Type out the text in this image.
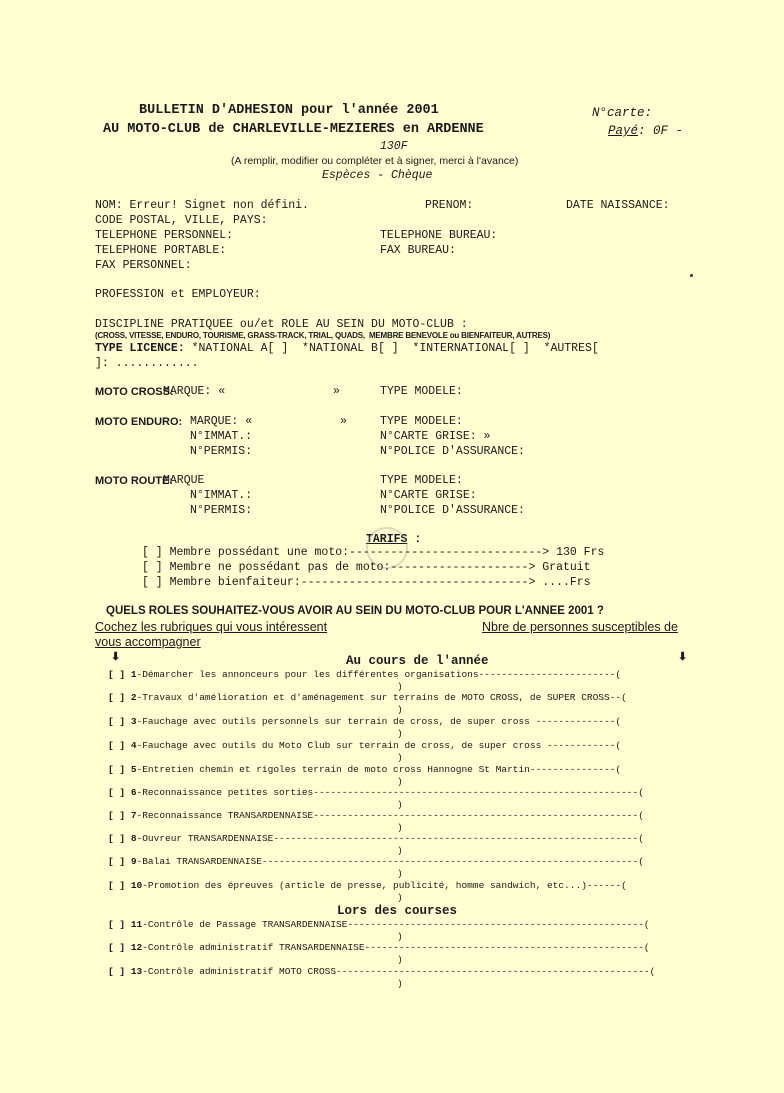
BULLETIN D'ADHESION pour l'année 2001
AU MOTO-CLUB de CHARLEVILLE-MEZIERES en ARDENNE
N°carte:
Payé: 0F -
130F
(A remplir, modifier ou compléter et à signer, merci à l'avance)
Espèces - Chèque
NOM: Erreur! Signet non défini.	PRENOM:	DATE NAISSANCE:
CODE POSTAL, VILLE, PAYS:
TELEPHONE PERSONNEL:	TELEPHONE BUREAU:
TELEPHONE PORTABLE:	FAX BUREAU:
FAX PERSONNEL:
PROFESSION et EMPLOYEUR:
DISCIPLINE PRATIQUEE ou/et ROLE AU SEIN DU MOTO-CLUB :
(CROSS, VITESSE, ENDURO, TOURISME, GRASS-TRACK, TRIAL, QUADS,  MEMBRE BENEVOLE ou BIENFAITEUR, AUTRES)
TYPE LICENCE: *NATIONAL A[ ]  *NATIONAL B[ ]  *INTERNATIONAL[ ]  *AUTRES[
]: ............
MOTO CROSS:
MARQUE: «	»	TYPE MODELE:
MOTO ENDURO: MARQUE: «	»	TYPE MODELE:
N°IMMAT.:	N°CARTE GRISE: »
N°PERMIS:	N°POLICE D'ASSURANCE:
MOTO ROUTE:
MARQUE	TYPE MODELE:
N°IMMAT.:	N°CARTE GRISE:
N°PERMIS:	N°POLICE D'ASSURANCE:
TARIFS :
[ ] Membre possédant une moto:----------------------------> 130 Frs
[ ] Membre ne possédant pas de moto:--------------------> Gratuit
[ ] Membre bienfaiteur:---------------------------------> ....Frs
QUELS ROLES SOUHAITEZ-VOUS AVOIR AU SEIN DU MOTO-CLUB POUR L'ANNEE 2001 ?
Cochez les rubriques qui vous intéressent	Nbre de personnes susceptibles de
vous accompagner
⬇	⬇
Au cours de l'année
[ ] 1-Démarcher les annonceurs pour les différentes organisations------------------------(
)
[ ] 2-Travaux d'amélioration et d'aménagement sur terrains de MOTO CROSS, de SUPER CROSS--(
)
[ ] 3-Fauchage avec outils personnels sur terrain de cross, de super cross --------------(
)
[ ] 4-Fauchage avec outils du Moto Club sur terrain de cross, de super cross ------------(
)
[ ] 5-Entretien chemin et rigoles terrain de moto cross Hannogne St Martin---------------(
)
[ ] 6-Reconnaissance petites sorties---------------------------------------------------------(
)
[ ] 7-Reconnaissance TRANSARDENNAISE---------------------------------------------------------(
)
[ ] 8-Ouvreur TRANSARDENNAISE----------------------------------------------------------------(
)
[ ] 9-Balai TRANSARDENNAISE------------------------------------------------------------------(
)
[ ] 10-Promotion des épreuves (article de presse, publicité, homme sandwich, etc...)------(
)
Lors des courses
[ ] 11-Contrôle de Passage TRANSARDENNAISE----------------------------------------------------(
)
[ ] 12-Contrôle administratif TRANSARDENNAISE-------------------------------------------------(
)
[ ] 13-Contrôle administratif MOTO CROSS-------------------------------------------------------(
)
